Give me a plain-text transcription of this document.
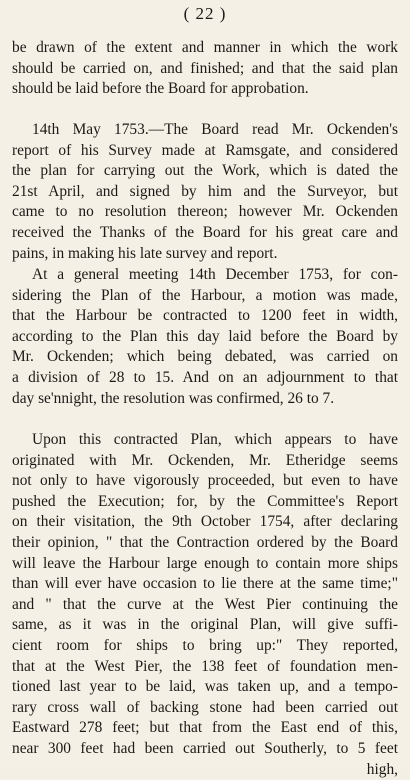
( 22 )
be drawn of the extent and manner in which the work
should be carried on, and finished; and that the said plan
should be laid before the Board for approbation.
14th May 1753.—The Board read Mr. Ockenden's
report of his Survey made at Ramsgate, and considered
the plan for carrying out the Work, which is dated the
21st April, and signed by him and the Surveyor, but
came to no resolution thereon; however Mr. Ockenden
received the Thanks of the Board for his great care and
pains, in making his late survey and report.
At a general meeting 14th December 1753, for con-
sidering the Plan of the Harbour, a motion was made,
that the Harbour be contracted to 1200 feet in width,
according to the Plan this day laid before the Board by
Mr. Ockenden; which being debated, was carried on
a division of 28 to 15. And on an adjournment to that
day se'nnight, the resolution was confirmed, 26 to 7.
Upon this contracted Plan, which appears to have
originated with Mr. Ockenden, Mr. Etheridge seems
not only to have vigorously proceeded, but even to have
pushed the Execution; for, by the Committee's Report
on their visitation, the 9th October 1754, after declaring
their opinion, " that the Contraction ordered by the Board
will leave the Harbour large enough to contain more ships
than will ever have occasion to lie there at the same time;"
and " that the curve at the West Pier continuing the
same, as it was in the original Plan, will give suffi-
cient room for ships to bring up:" They reported,
that at the West Pier, the 138 feet of foundation men-
tioned last year to be laid, was taken up, and a tempo-
rary cross wall of backing stone had been carried out
Eastward 278 feet; but that from the East end of this,
near 300 feet had been carried out Southerly, to 5 feet
high,
